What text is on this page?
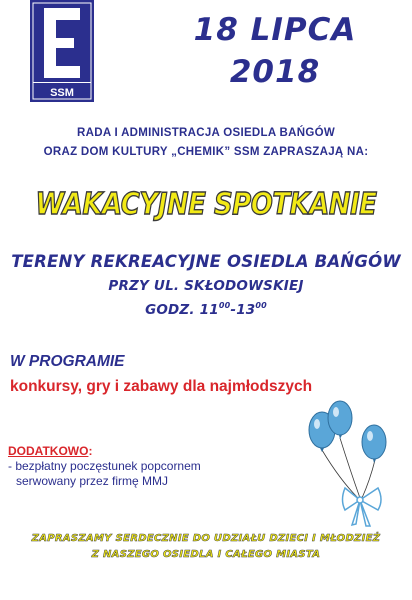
SSM
18 LIPCA
2018
RADA I ADMINISTRACJA OSIEDLA BAŃGÓW
ORAZ DOM KULTURY „CHEMIK” SSM ZAPRASZAJĄ NA:
WAKACYJNE SPOTKANIE
TERENY REKREACYJNE OSIEDLA BAŃGÓW
PRZY UL. SKŁODOWSKIEJ
GODZ. $11^{00}-13^{00}$
W PROGRAMIE
konkursy, gry i zabawy dla najmłodszych
DODATKOWO:
- bezpłatny poczęstunek popcornem
serwowany przez firmę MMJ
ZAPRASZAMY SERDECZNIE DO UDZIAŁU DZIECI I MŁODZIEŻ
Z NASZEGO OSIEDLA I CAŁEGO MIASTA
